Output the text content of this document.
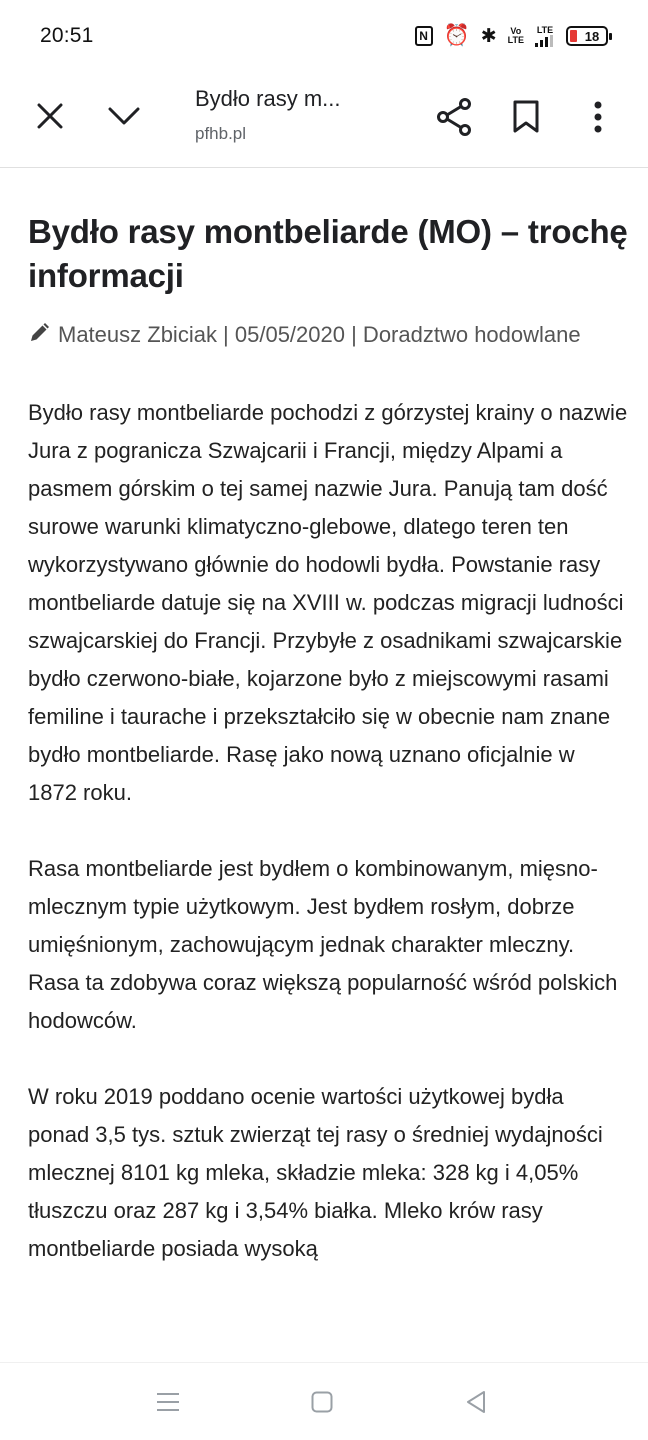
20:51	N ⏰ ✱ Vo
LTE
LTE 18
Bydło rasy m...
pfhb.pl
Bydło rasy montbeliarde (MO) – trochę informacji
Mateusz Zbiciak | 05/05/2020 | Doradztwo hodowlane

Bydło rasy montbeliarde pochodzi z górzystej krainy o nazwie Jura z pogranicza Szwajcarii i Francji, między Alpami a pasmem górskim o tej samej nazwie Jura. Panują tam dość surowe warunki klimatyczno-glebowe, dlatego teren ten wykorzystywano głównie do hodowli bydła. Powstanie rasy montbeliarde datuje się na XVIII w. podczas migracji ludności szwajcarskiej do Francji. Przybyłe z osadnikami szwajcarskie bydło czerwono-białe, kojarzone było z miejscowymi rasami femiline i taurache i przekształciło się w obecnie nam znane bydło montbeliarde. Rasę jako nową uznano oficjalnie w 1872 roku.

Rasa montbeliarde jest bydłem o kombinowanym, mięsno-mlecznym typie użytkowym. Jest bydłem rosłym, dobrze umięśnionym, zachowującym jednak charakter mleczny. Rasa ta zdobywa coraz większą popularność wśród polskich hodowców.

W roku 2019 poddano ocenie wartości użytkowej bydła ponad 3,5 tys. sztuk zwierząt tej rasy o średniej wydajności mlecznej 8101 kg mleka, składzie mleka: 328 kg i 4,05% tłuszczu oraz 287 kg i 3,54% białka. Mleko krów rasy montbeliarde posiada wysoką
